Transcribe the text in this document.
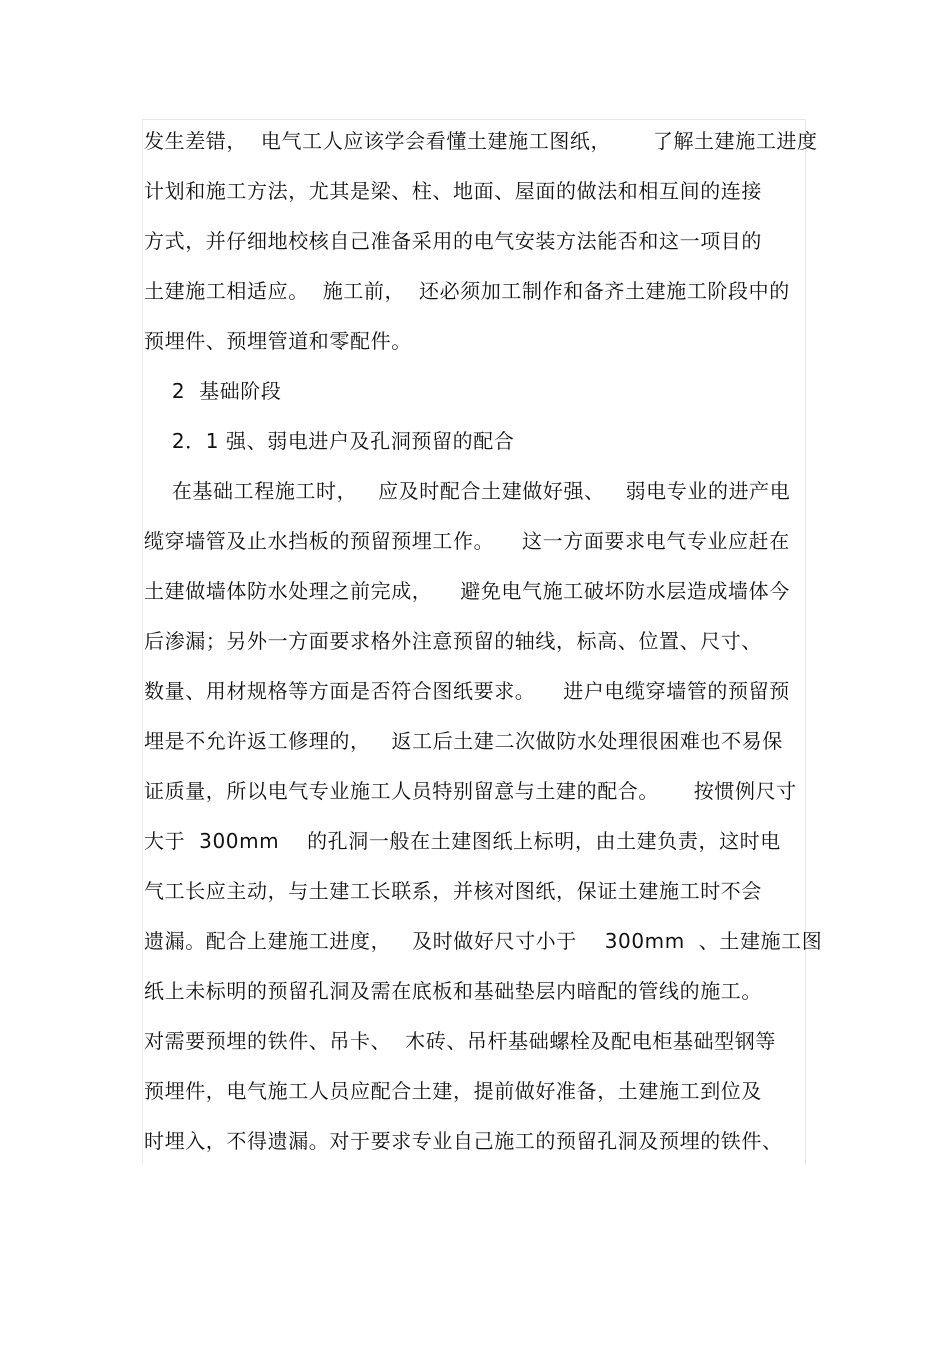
发生差错，  电气工人应该学会看懂土建施工图纸，      了解土建施工进度
计划和施工方法，尤其是梁、柱、地面、屋面的做法和相互间的连接
方式，并仔细地校核自己准备采用的电气安装方法能否和这一项目的
土建施工相适应。  施工前，  还必须加工制作和备齐土建施工阶段中的
预埋件、预埋管道和零配件。
2  基础阶段
2．1 强、弱电进户及孔洞预留的配合
在基础工程施工时，   应及时配合土建做好强、   弱电专业的进产电
缆穿墙管及止水挡板的预留预埋工作。    这一方面要求电气专业应赶在
土建做墙体防水处理之前完成，    避免电气施工破坏防水层造成墙体今
后渗漏；另外一方面要求格外注意预留的轴线，标高、位置、尺寸、
数量、用材规格等方面是否符合图纸要求。    进户电缆穿墙管的预留预
埋是不允许返工修理的，   返工后土建二次做防水处理很困难也不易保
证质量，所以电气专业施工人员特别留意与土建的配合。     按惯例尺寸
大于  300mm    的孔洞一般在土建图纸上标明，由土建负责，这时电
气工长应主动，与土建工长联系，并核对图纸，保证土建施工时不会
遗漏。配合上建施工进度，   及时做好尺寸小于    300mm  、土建施工图
纸上未标明的预留孔洞及需在底板和基础垫层内暗配的管线的施工。
对需要预埋的铁件、吊卡、  木砖、吊杆基础螺栓及配电柜基础型钢等
预埋件，电气施工人员应配合土建，提前做好准备，土建施工到位及
时埋入，不得遗漏。对于要求专业自己施工的预留孔洞及预埋的铁件、
